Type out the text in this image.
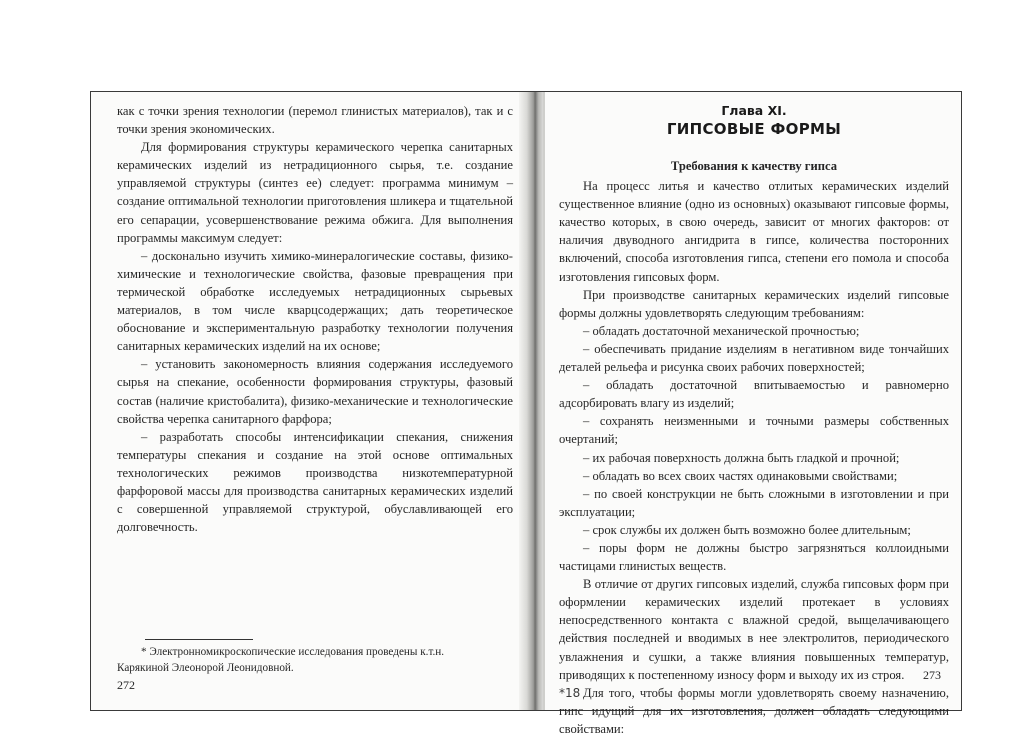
как с точки зрения технологии (перемол глинистых материалов), так и с точки зрения экономических.

Для формирования структуры керамического черепка санитарных керамических изделий из нетрадиционного сырья, т.е. создание управляемой структуры (синтез ее) следует: программа минимум – создание оптимальной технологии приготовления шликера и тщательной его сепарации, усовершенствование режима обжига. Для выполнения программы максимум следует:

– досконально изучить химико-минералогические составы, физико-химические и технологические свойства, фазовые превращения при термической обработке исследуемых нетрадиционных сырьевых материалов, в том числе кварцсодержащих; дать теоретическое обоснование и экспериментальную разработку технологии получения санитарных керамических изделий на их основе;

– установить закономерность влияния содержания исследуемого сырья на спекание, особенности формирования структуры, фазовый состав (наличие кристобалита), физико-механические и технологические свойства черепка санитарного фарфора;

– разработать способы интенсификации спекания, снижения температуры спекания и создание на этой основе оптимальных технологических режимов производства низкотемпературной фарфоровой массы для производства санитарных керамических изделий с совершенной управляемой структурой, обуславливающей его долговечность.

* Электронномикроскопические исследования проведены к.т.н. Карякиной Элеонорой Леонидовной.

272
Глава XI.
ГИПСОВЫЕ ФОРМЫ
Требования к качеству гипса

На процесс литья и качество отлитых керамических изделий существенное влияние (одно из основных) оказывают гипсовые формы, качество которых, в свою очередь, зависит от многих факторов: от наличия двуводного ангидрита в гипсе, количества посторонних включений, способа изготовления гипса, степени его помола и способа изготовления гипсовых форм.

При производстве санитарных керамических изделий гипсовые формы должны удовлетворять следующим требованиям:

– обладать достаточной механической прочностью;

– обеспечивать придание изделиям в негативном виде тончайших деталей рельефа и рисунка своих рабочих поверхностей;

– обладать достаточной впитываемостью и равномерно адсорбировать влагу из изделий;

– сохранять неизменными и точными размеры собственных очертаний;

– их рабочая поверхность должна быть гладкой и прочной;

– обладать во всех своих частях одинаковыми свойствами;

– по своей конструкции не быть сложными в изготовлении и при эксплуатации;

– срок службы их должен быть возможно более длительным;

– поры форм не должны быстро загрязняться коллоидными частицами глинистых веществ.

В отличие от других гипсовых изделий, служба гипсовых форм при оформлении керамических изделий протекает в условиях непосредственного контакта с влажной средой, выщелачивающего действия последней и вводимых в нее электролитов, периодического увлажнения и сушки, а также влияния повышенных температур, приводящих к постепенному износу форм и выходу их из строя.

Для того, чтобы формы могли удовлетворять своему назначению, гипс идущий для их изготовления, должен обладать следующими свойствами:

273
*18
